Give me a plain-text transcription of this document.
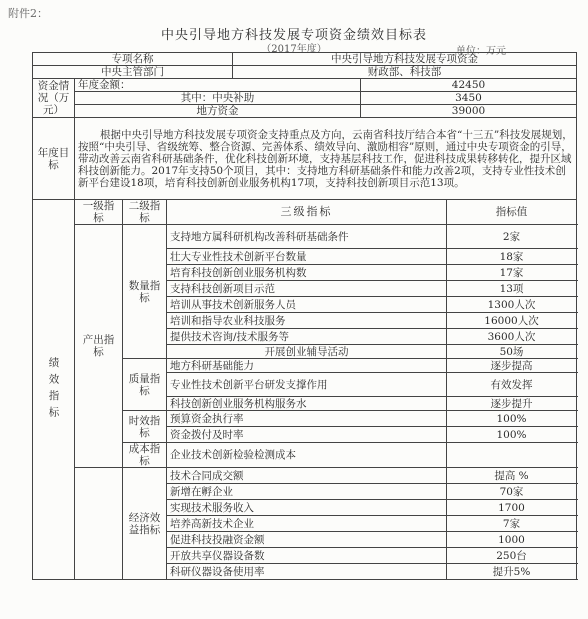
附件2：
中央引导地方科技发展专项资金绩效目标表
（2017年度）	单位：万元
专项名称				中央引导地方科技发展专项资金		
中央主管部门				财政部、科技部		
资金情况（万元）	年度金额：				42450	
	其中：中央补助				3450	
	地方资金				39000	
年度目标	根据中央引导地方科技发展专项资金支持重点及方向，云南省科技厅结合本省“十三五”科技发展规划，按照“中央引导、省级统筹、整合资源、完善体系、绩效导向、激励相容”原则，通过中央专项资金的引导，带动改善云南省科研基础条件，优化科技创新环境，支持基层科技工作，促进科技成果转移转化，提升区域科技创新能力。2017年支持50个项目，其中：支持地方科研基础条件和能力改善2项，支持专业性技术创新平台建设18项，培育科技创新创业服务机构17项，支持科技创新项目示范13项。					

绩效指标	一级指标	二级指标	三级指标			指标值
	产出指标	数量指标	支持地方属科研机构改善科研基础条件			2家
			壮大专业性技术创新平台数量			18家
			培育科技创新创业服务机构数			17家
			支持科技创新项目示范			13项
			培训从事技术创新服务人员			1300人次
			培训和指导农业科技服务			16000人次
			提供技术咨询/技术服务等			3600人次
			开展创业辅导活动			50场
		质量指标	地方科研基础能力			逐步提高
			专业性技术创新平台研发支撑作用			有效发挥
			科技创新创业服务机构服务水			逐步提升
		时效指标	预算资金执行率			100%
			资金拨付及时率			100%
		成本指标	企业技术创新检验检测成本			
		经济效益指标	技术合同成交额			提高 %
			新增在孵企业			70家
			实现技术服务收入			1700
			培养高新技术企业			7家
			促进科技投融资金额			1000
			开放共享仪器设备数			250台
			科研仪器设备使用率			提升5%
